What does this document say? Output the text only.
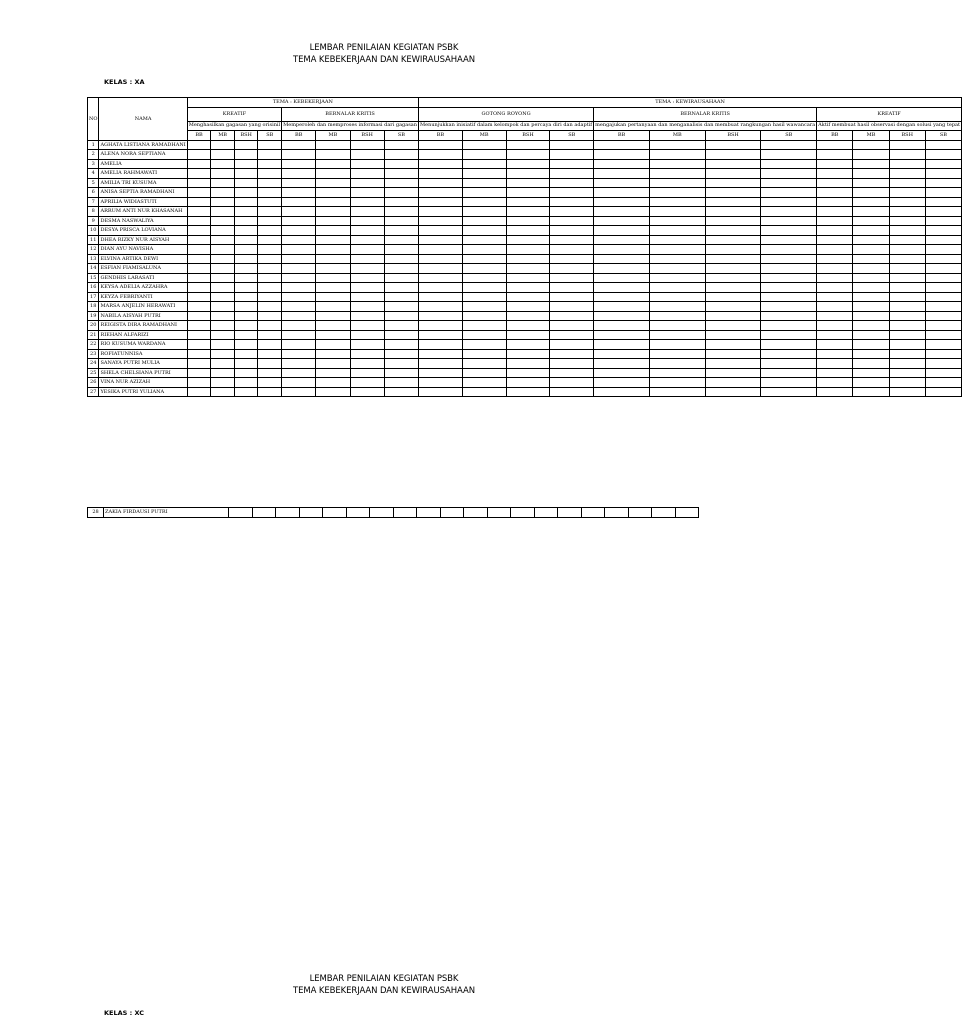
LEMBAR PENILAIAN KEGIATAN PSBK
TEMA KEBEKERJAAN DAN KEWIRAUSAHAAN
KELAS : XA
NO	NAMA	TEMA : KEBEKERJAAN								TEMA : KEWIRAUSAHAAN											
		KREATIF				BERNALAR KRITIS				GOTONG ROYONG				BERNALAR KRITIS				KREATIF			
		Menghasilkan gagasan yang orisinil				Memperoleh dan memproses informasi dari gagasan				Menunjukkan inisiatif dalam kelompok dan percaya diri dan adaptif				mengajukan pertanyaan dan menganalisis dan membuat rangkungan hasil wawancara				Aktif membuat hasil observasi dengan solusi yang tepat			
		BB	MB	BSH	SB	BB	MB	BSH	SB	BB	MB	BSH	SB	BB	MB	BSH	SB	BB	MB	BSH	SB
1	AGHATA LISTIANA RAMADHANI																				
2	ALENA NORA SEPTIANA																				
3	AMELIA																				
4	AMELIA RAHMAWATI																				
5	AMILIA TRI KUSUMA																				
6	ANISA SEPTIA RAMADHANI																				
7	APRILIA WIDIASTUTI																				
8	ARRUM ANTI NUR KHASANAH																				
9	DESMA NASWALIYA																				
10	DESYA PRISCA LOVIANA																				
11	DHEA RIZKY NUR AISYAH																				
12	DIAN AYU NAVISHA																				
13	ELVINA ARTIKA DEWI																				
14	ESFIAN FIAMISALUNA																				
15	GENDHIS LARASATI																				
16	KEYSA ADELIA AZZAHRA																				
17	KEYZA FEBRIYANTI																				
18	MARSA ANJELIN HERAWATI																				
19	NABILA AISYAH PUTRI																				
20	REIGISTA DIRA RAMADHANI																				
21	RIEHAN ALFARIZI																				
22	RIO KUSUMA WARDANA																				
23	ROFIATUNNISA																				
24	SANAYA PUTRI MULIA																				
25	SHELA CHELSIANA PUTRI																				
26	VINA NUR AZIZAH																				
27	YESIKA PUTRI YULIANA																				
28	ZAKIA FIRDAUSI PUTRI																				
LEMBAR PENILAIAN KEGIATAN PSBK
TEMA KEBEKERJAAN DAN KEWIRAUSAHAAN
KELAS : XC
